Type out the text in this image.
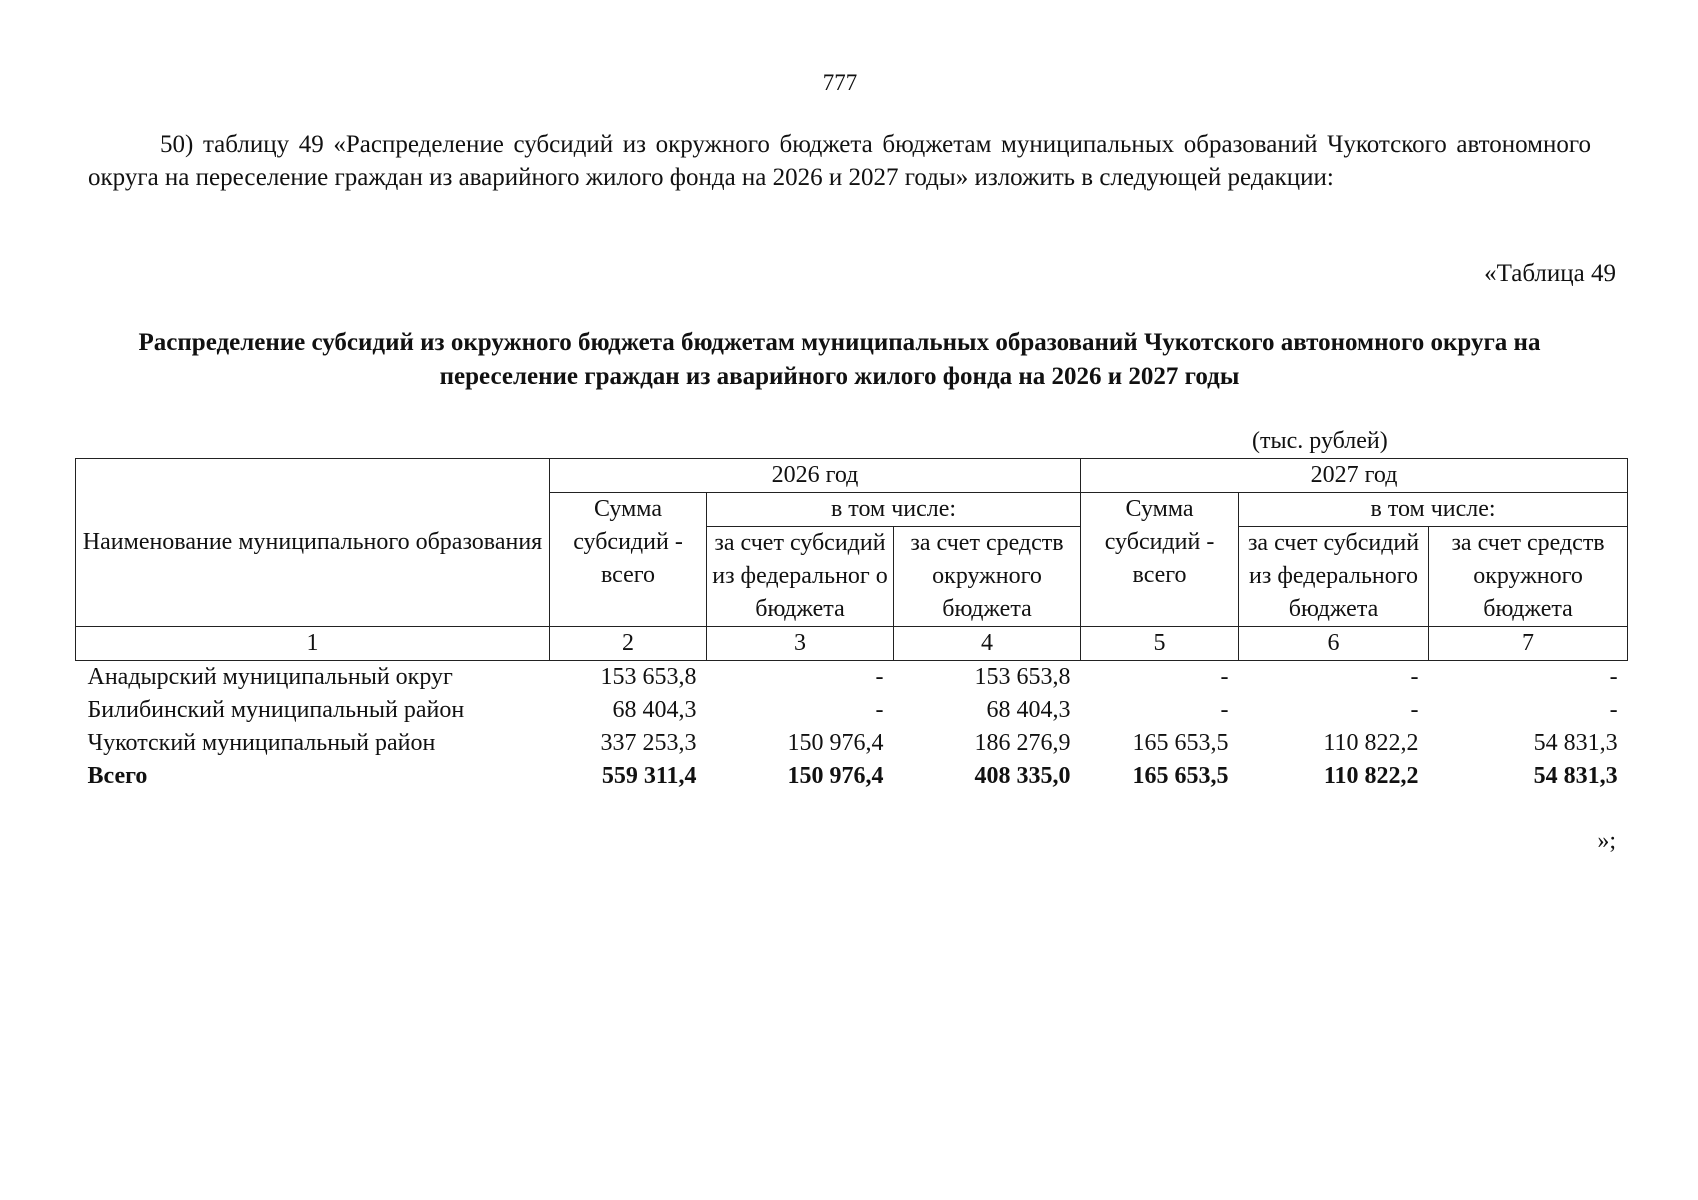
777

50) таблицу 49 «Распределение субсидий из окружного бюджета бюджетам муниципальных образований Чукотского автономного округа на переселение граждан из аварийного жилого фонда на 2026 и 2027 годы» изложить в следующей редакции:

«Таблица 49

Распределение субсидий из окружного бюджета бюджетам муниципальных образований Чукотского автономного округа на переселение граждан из аварийного жилого фонда на 2026 и 2027 годы

(тыс. рублей)
Наименование муниципального образования	2026 год			2027 год		
	Сумма субсидий - всего	в том числе:		Сумма субсидий - всего	в том числе:	
		за счет субсидий из федеральног о бюджета	за счет средств окружного бюджета		за счет субсидий из федерального бюджета	за счет средств окружного бюджета
1	2	3	4	5	6	7
Анадырский муниципальный округ	153 653,8	-	153 653,8	-	-	-
Билибинский муниципальный район	68 404,3	-	68 404,3	-	-	-
Чукотский муниципальный район	337 253,3	150 976,4	186 276,9	165 653,5	110 822,2	54 831,3
Всего	559 311,4	150 976,4	408 335,0	165 653,5	110 822,2	54 831,3
»;
